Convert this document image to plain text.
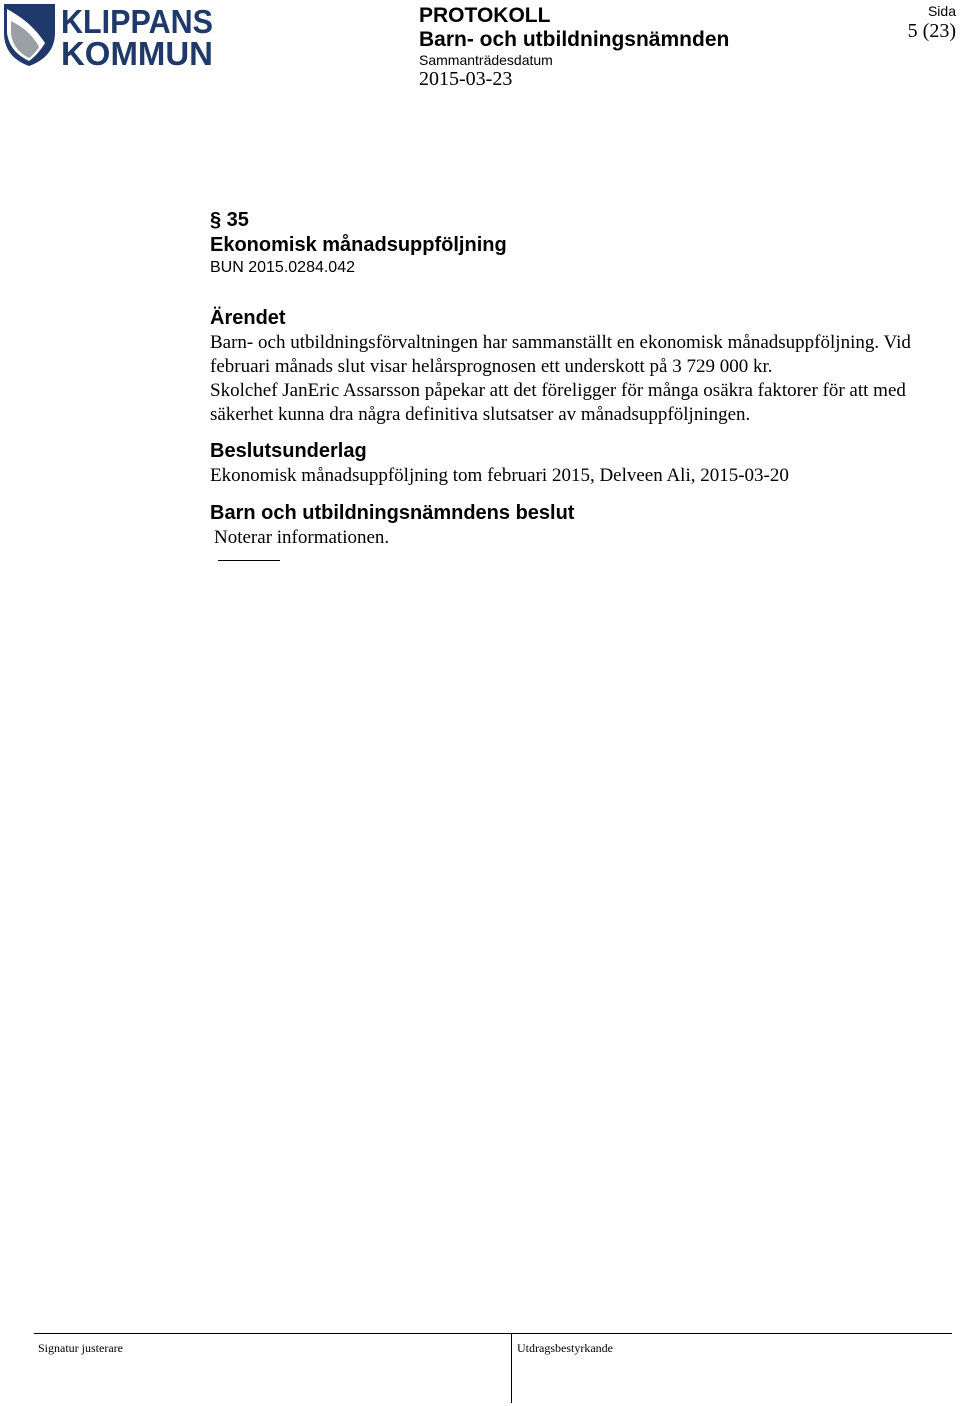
KLIPPANS
KOMMUN
PROTOKOLL
Barn- och utbildningsnämnden
Sammanträdesdatum
2015-03-23
Sida
5 (23)
§ 35
Ekonomisk månadsuppföljning
BUN 2015.0284.042
Ärendet

Barn- och utbildningsförvaltningen har sammanställt en ekonomisk månadsuppföljning. Vid februari månads slut visar helårsprognosen ett underskott på 3 729 000 kr.

Skolchef JanEric Assarsson påpekar att det föreligger för många osäkra faktorer för att med säkerhet kunna dra några definitiva slutsatser av månadsuppföljningen.

Beslutsunderlag

Ekonomisk månadsuppföljning tom februari 2015, Delveen Ali, 2015-03-20

Barn och utbildningsnämndens beslut

Noterar informationen.

Signatur justerare	Utdragsbestyrkande
